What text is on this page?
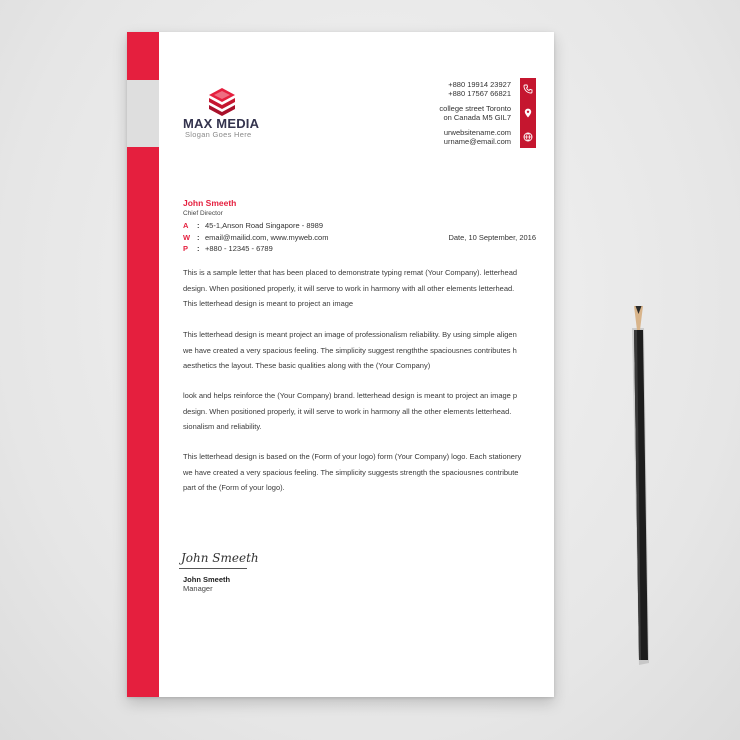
MAX MEDIA
Slogan Goes Here
+880 19914 23927
+880 17567 66821
college street Toronto
on Canada M5 GIL7
urwebsitename.com
urname@email.com
John Smeeth
Chief Director
A : 45-1,Anson Road Singapore - 8989
W : email@mailid.com, www.myweb.com
P : +880 - 12345 - 6789
Date, 10 September, 2016
This is a sample letter that has been placed to demonstrate typing remat (Your Company). letterhead
design. When positioned properly, it will serve to work in harmony with all other elements letterhead.
This letterhead design is meant to project an image
This letterhead design is meant project an image of professionalism reliability. By using simple aligen
we have created a very spacious feeling. The simplicity suggest rengththe spaciousnes contributes h
aesthetics the layout. These basic qualities along with the (Your Company)
look and helps reinforce the (Your Company) brand. letterhead design is meant to project an image p
design. When positioned properly, it will serve to work in harmony all the other elements letterhead.
sionalism and reliability.
This letterhead design is based on the (Form of your logo) form (Your Company) logo. Each stationery
we have created a very spacious feeling. The simplicity suggests strength the spaciousnes contribute
part of the (Form of your logo).
John Smeeth
John Smeeth
Manager
